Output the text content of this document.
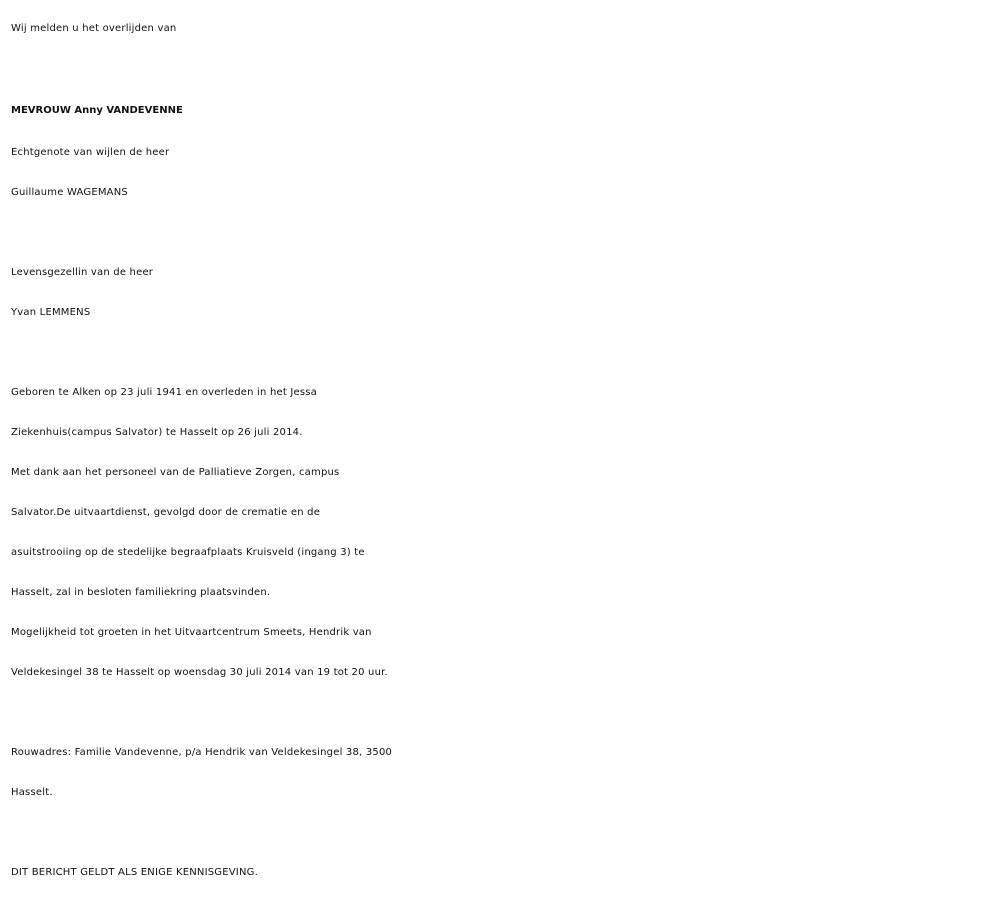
Wij melden u het overlijden van
MEVROUW Anny VANDEVENNE
Echtgenote van wijlen de heer
Guillaume WAGEMANS
Levensgezellin van de heer
Yvan LEMMENS
Geboren te Alken op 23 juli 1941 en overleden in het Jessa
Ziekenhuis(campus Salvator) te Hasselt op 26 juli 2014.
Met dank aan het personeel van de Palliatieve Zorgen, campus
Salvator.De uitvaartdienst, gevolgd door de crematie en de
asuitstrooiing op de stedelijke begraafplaats Kruisveld (ingang 3) te
Hasselt, zal in besloten familiekring plaatsvinden.
Mogelijkheid tot groeten in het Uitvaartcentrum Smeets, Hendrik van
Veldekesingel 38 te Hasselt op woensdag 30 juli 2014 van 19 tot 20 uur.
Rouwadres: Familie Vandevenne, p/a Hendrik van Veldekesingel 38, 3500
Hasselt.
DIT BERICHT GELDT ALS ENIGE KENNISGEVING.
